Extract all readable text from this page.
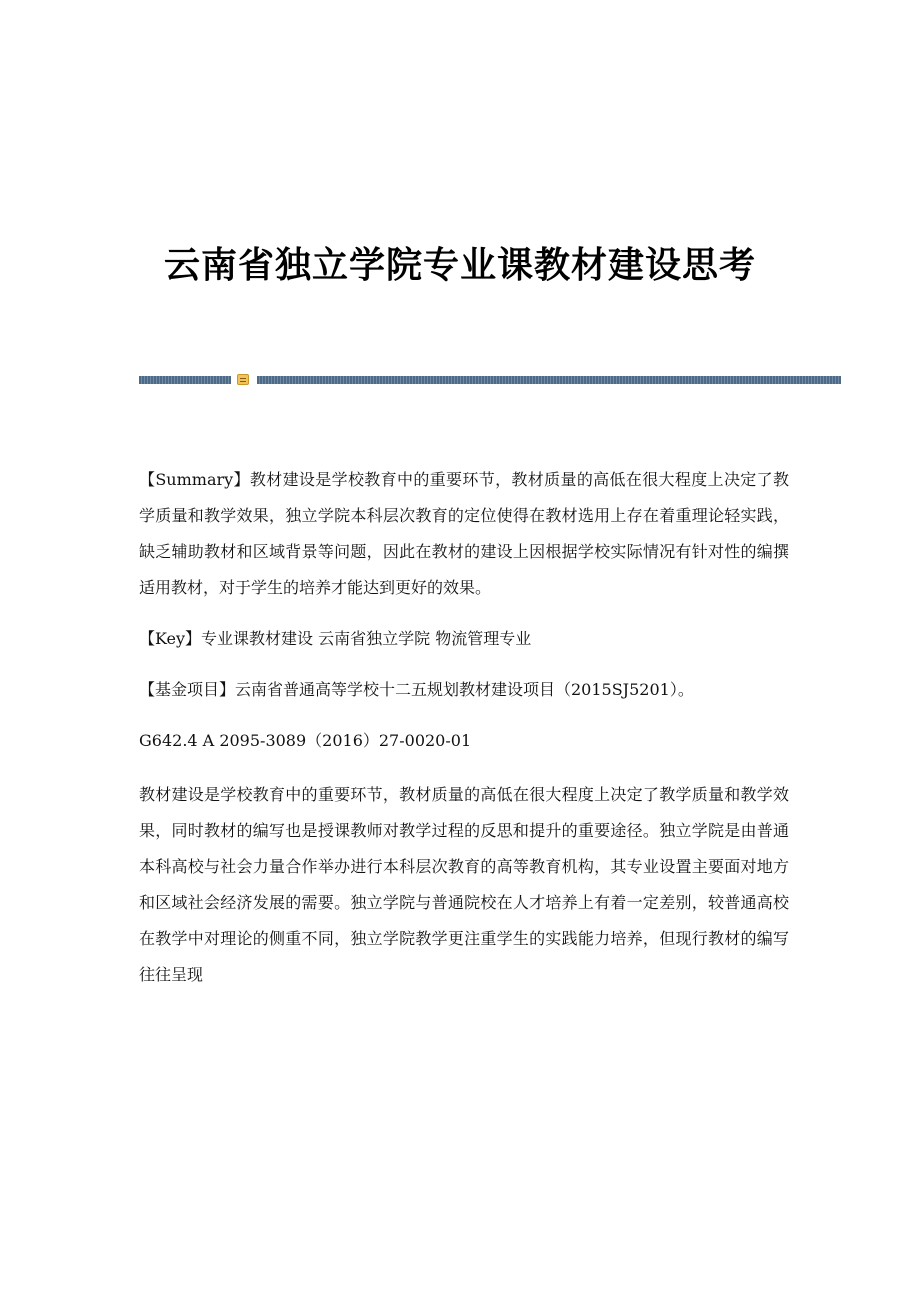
云南省独立学院专业课教材建设思考

【Summary】教材建设是学校教育中的重要环节，教材质量的高低在很大程度上决定了教学质量和教学效果，独立学院本科层次教育的定位使得在教材选用上存在着重理论轻实践，缺乏辅助教材和区域背景等问题，因此在教材的建设上因根据学校实际情况有针对性的编撰适用教材，对于学生的培养才能达到更好的效果。

【Key】专业课教材建设 云南省独立学院 物流管理专业

【基金项目】云南省普通高等学校十二五规划教材建设项目（2015SJ5201）。

G642.4 A 2095-3089（2016）27-0020-01

教材建设是学校教育中的重要环节，教材质量的高低在很大程度上决定了教学质量和教学效果，同时教材的编写也是授课教师对教学过程的反思和提升的重要途径。独立学院是由普通本科高校与社会力量合作举办进行本科层次教育的高等教育机构，其专业设置主要面对地方和区域社会经济发展的需要。独立学院与普通院校在人才培养上有着一定差别，较普通高校在教学中对理论的侧重不同，独立学院教学更注重学生的实践能力培养，但现行教材的编写往往呈现
